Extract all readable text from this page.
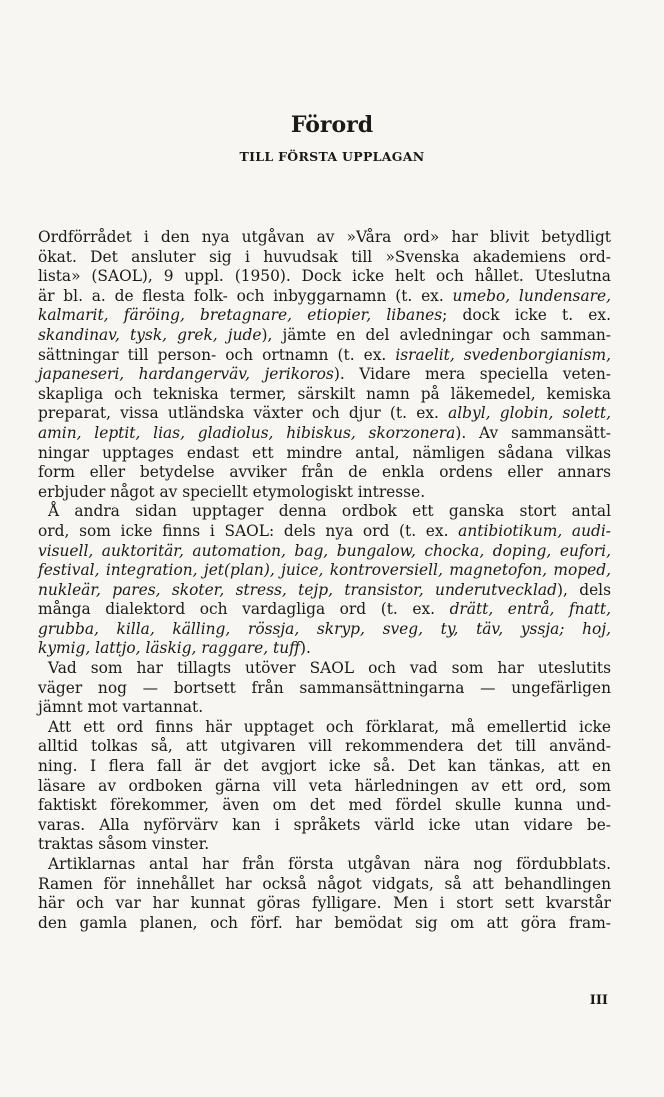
Förord
TILL FÖRSTA UPPLAGAN
Ordförrådet i den nya utgåvan av »Våra ord» har blivit betydligt
ökat. Det ansluter sig i huvudsak till »Svenska akademiens ord-
lista» (SAOL), 9 uppl. (1950). Dock icke helt och hållet. Uteslutna
är bl. a. de flesta folk- och inbyggarnamn (t. ex. umebo, lundensare,
kalmarit, färöing, bretagnare, etiopier, libanes; dock icke t. ex.
skandinav, tysk, grek, jude), jämte en del avledningar och samman-
sättningar till person- och ortnamn (t. ex. israelit, svedenborgianism,
japaneseri, hardangerväv, jerikoros). Vidare mera speciella veten-
skapliga och tekniska termer, särskilt namn på läkemedel, kemiska
preparat, vissa utländska växter och djur (t. ex. albyl, globin, solett,
amin, leptit, lias, gladiolus, hibiskus, skorzonera). Av sammansätt-
ningar upptages endast ett mindre antal, nämligen sådana vilkas
form eller betydelse avviker från de enkla ordens eller annars
erbjuder något av speciellt etymologiskt intresse.
Å andra sidan upptager denna ordbok ett ganska stort antal
ord, som icke finns i SAOL: dels nya ord (t. ex. antibiotikum, audi-
visuell, auktoritär, automation, bag, bungalow, chocka, doping, eufori,
festival, integration, jet(plan), juice, kontroversiell, magnetofon, moped,
nukleär, pares, skoter, stress, tejp, transistor, underutvecklad), dels
många dialektord och vardagliga ord (t. ex. drätt, entrå, fnatt,
grubba, killa, källing, rössja, skryp, sveg, ty, täv, yssja; hoj,
kymig, lattjo, läskig, raggare, tuff).
Vad som har tillagts utöver SAOL och vad som har uteslutits
väger nog — bortsett från sammansättningarna — ungefärligen
jämnt mot vartannat.
Att ett ord finns här upptaget och förklarat, må emellertid icke
alltid tolkas så, att utgivaren vill rekommendera det till använd-
ning. I flera fall är det avgjort icke så. Det kan tänkas, att en
läsare av ordboken gärna vill veta härledningen av ett ord, som
faktiskt förekommer, även om det med fördel skulle kunna und-
varas. Alla nyförvärv kan i språkets värld icke utan vidare be-
traktas såsom vinster.
Artiklarnas antal har från första utgåvan nära nog fördubblats.
Ramen för innehållet har också något vidgats, så att behandlingen
här och var har kunnat göras fylligare. Men i stort sett kvarstår
den gamla planen, och förf. har bemödat sig om att göra fram-
III
